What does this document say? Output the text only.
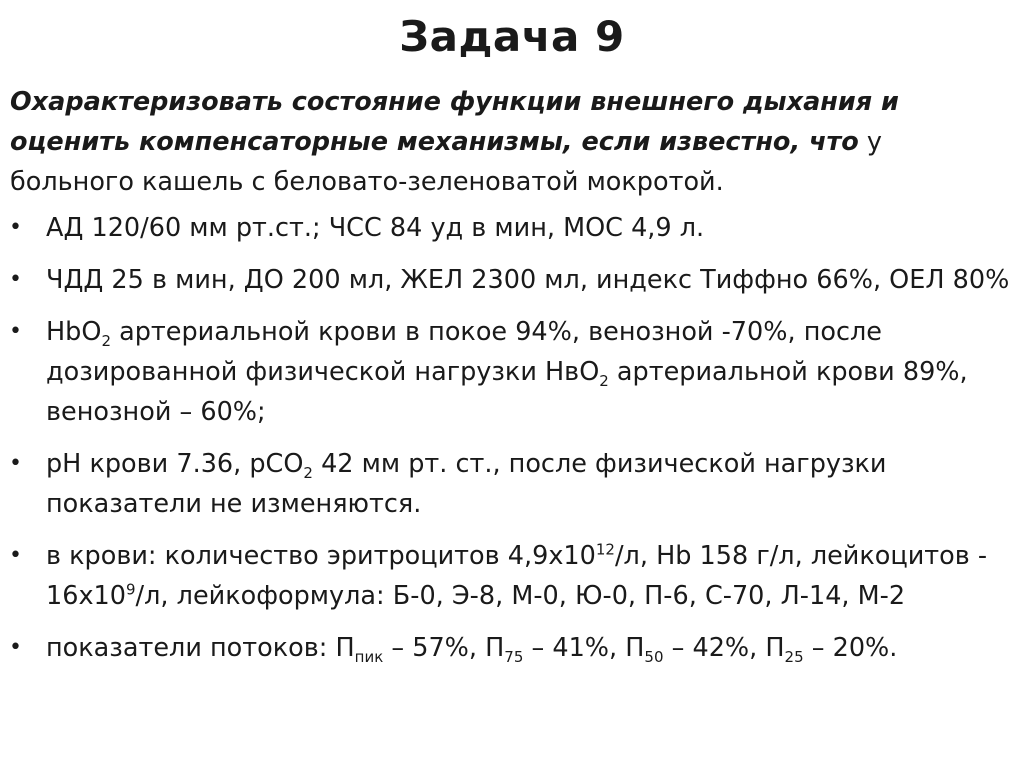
Задача 9
Охарактеризовать состояние функции внешнего дыхания и оценить компенсаторные механизмы, если известно, что у больного кашель с беловато-зеленоватой мокротой.
• АД 120/60 мм рт.ст.; ЧСС 84 уд в мин, МОС 4,9 л.
• ЧДД 25 в мин, ДО 200 мл, ЖЕЛ 2300 мл, индекс Тиффно 66%, ОЕЛ 80%
• HbO$_2$ артериальной крови в покое 94%, венозной -70%, после дозированной физической нагрузки НвО$_2$ артериальной крови 89%, венозной – 60%;
• рН крови 7.36, pCO$_2$ 42 мм рт. ст., после физической нагрузки показатели не изменяются.
• в крови: количество эритроцитов $4,9х10^{12}/л$, Hb 158 г/л, лейкоцитов - $16х10^9/л$, лейкоформула: Б-0, Э-8, М-0, Ю-0, П-6, С-70, Л-14, М-2
• показатели потоков: $П_{пик} - 57\%$, $П_{75} - 41\%$, $П_{50} - 42\%$, $П_{25} - 20\%$.
